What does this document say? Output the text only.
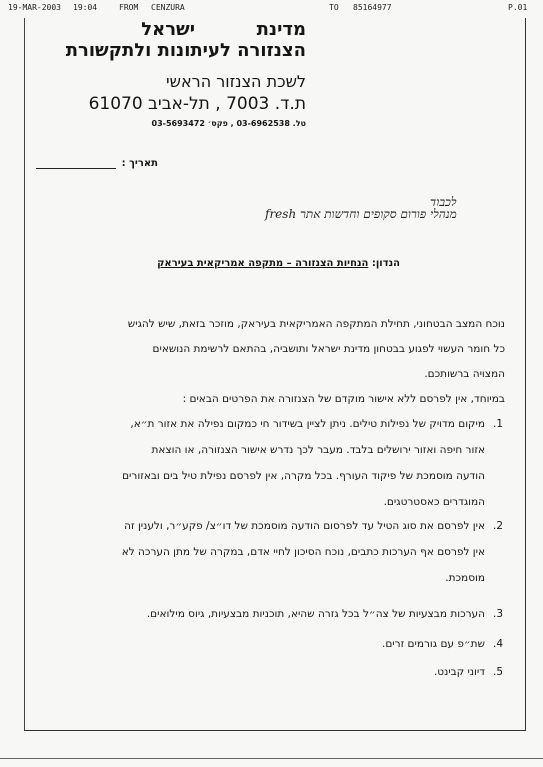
19-MAR-2003 19:04	FROM CENZURA	TO 85164977	P.01
מדינת
ישראל
הצנזורה לעיתונות ולתקשורת
לשכת הצנזור הראשי
ת.ד. 7003 , תל-אביב 61070
טל. 03-6962538 , פקס׳ 03-5693472
תאריך :
לכבוד
מנהלי פורום סקופים וחדשות אתר fresh
הנדון: הנחיות הצנזורה – מתקפה אמריקאית בעיראק
נוכח המצב הבטחוני, תחילת המתקפה האמריקאית בעיראק, מוזכר בזאת, שיש להגיש
כל חומר העשוי לפגוע בבטחון מדינת ישראל ותושביה, בהתאם לרשימת הנושאים
המצויה ברשותכם.
במיוחד, אין לפרסם ללא אישור מוקדם של הצנזורה את הפרטים הבאים :
1.
מיקום מדויק של נפילות טילים. ניתן לציין בשידור חי כמקום נפילה את אזור ת״א,
אזור חיפה ואזור ירושלים בלבד. מעבר לכך נדרש אישור הצנזורה, או הוצאת
הודעה מוסמכת של פיקוד העורף. בכל מקרה, אין לפרסם נפילת טיל בים ובאזורים
המוגדרים כאסטרטגים.
2.
אין לפרסם את סוג הטיל עד לפרסום הודעה מוסמכת של דו״צ/ פקע״ר, ולענין זה
אין לפרסם אף הערכות כתבים, נוכח הסיכון לחיי אדם, במקרה של מתן הערכה לא
מוסמכת.
3.
הערכות מבצעיות של צה״ל בכל גזרה שהיא, תוכניות מבצעיות, גיוס מילואים.
4.
שת״פ עם גורמים זרים.
5.
דיוני קבינט.
